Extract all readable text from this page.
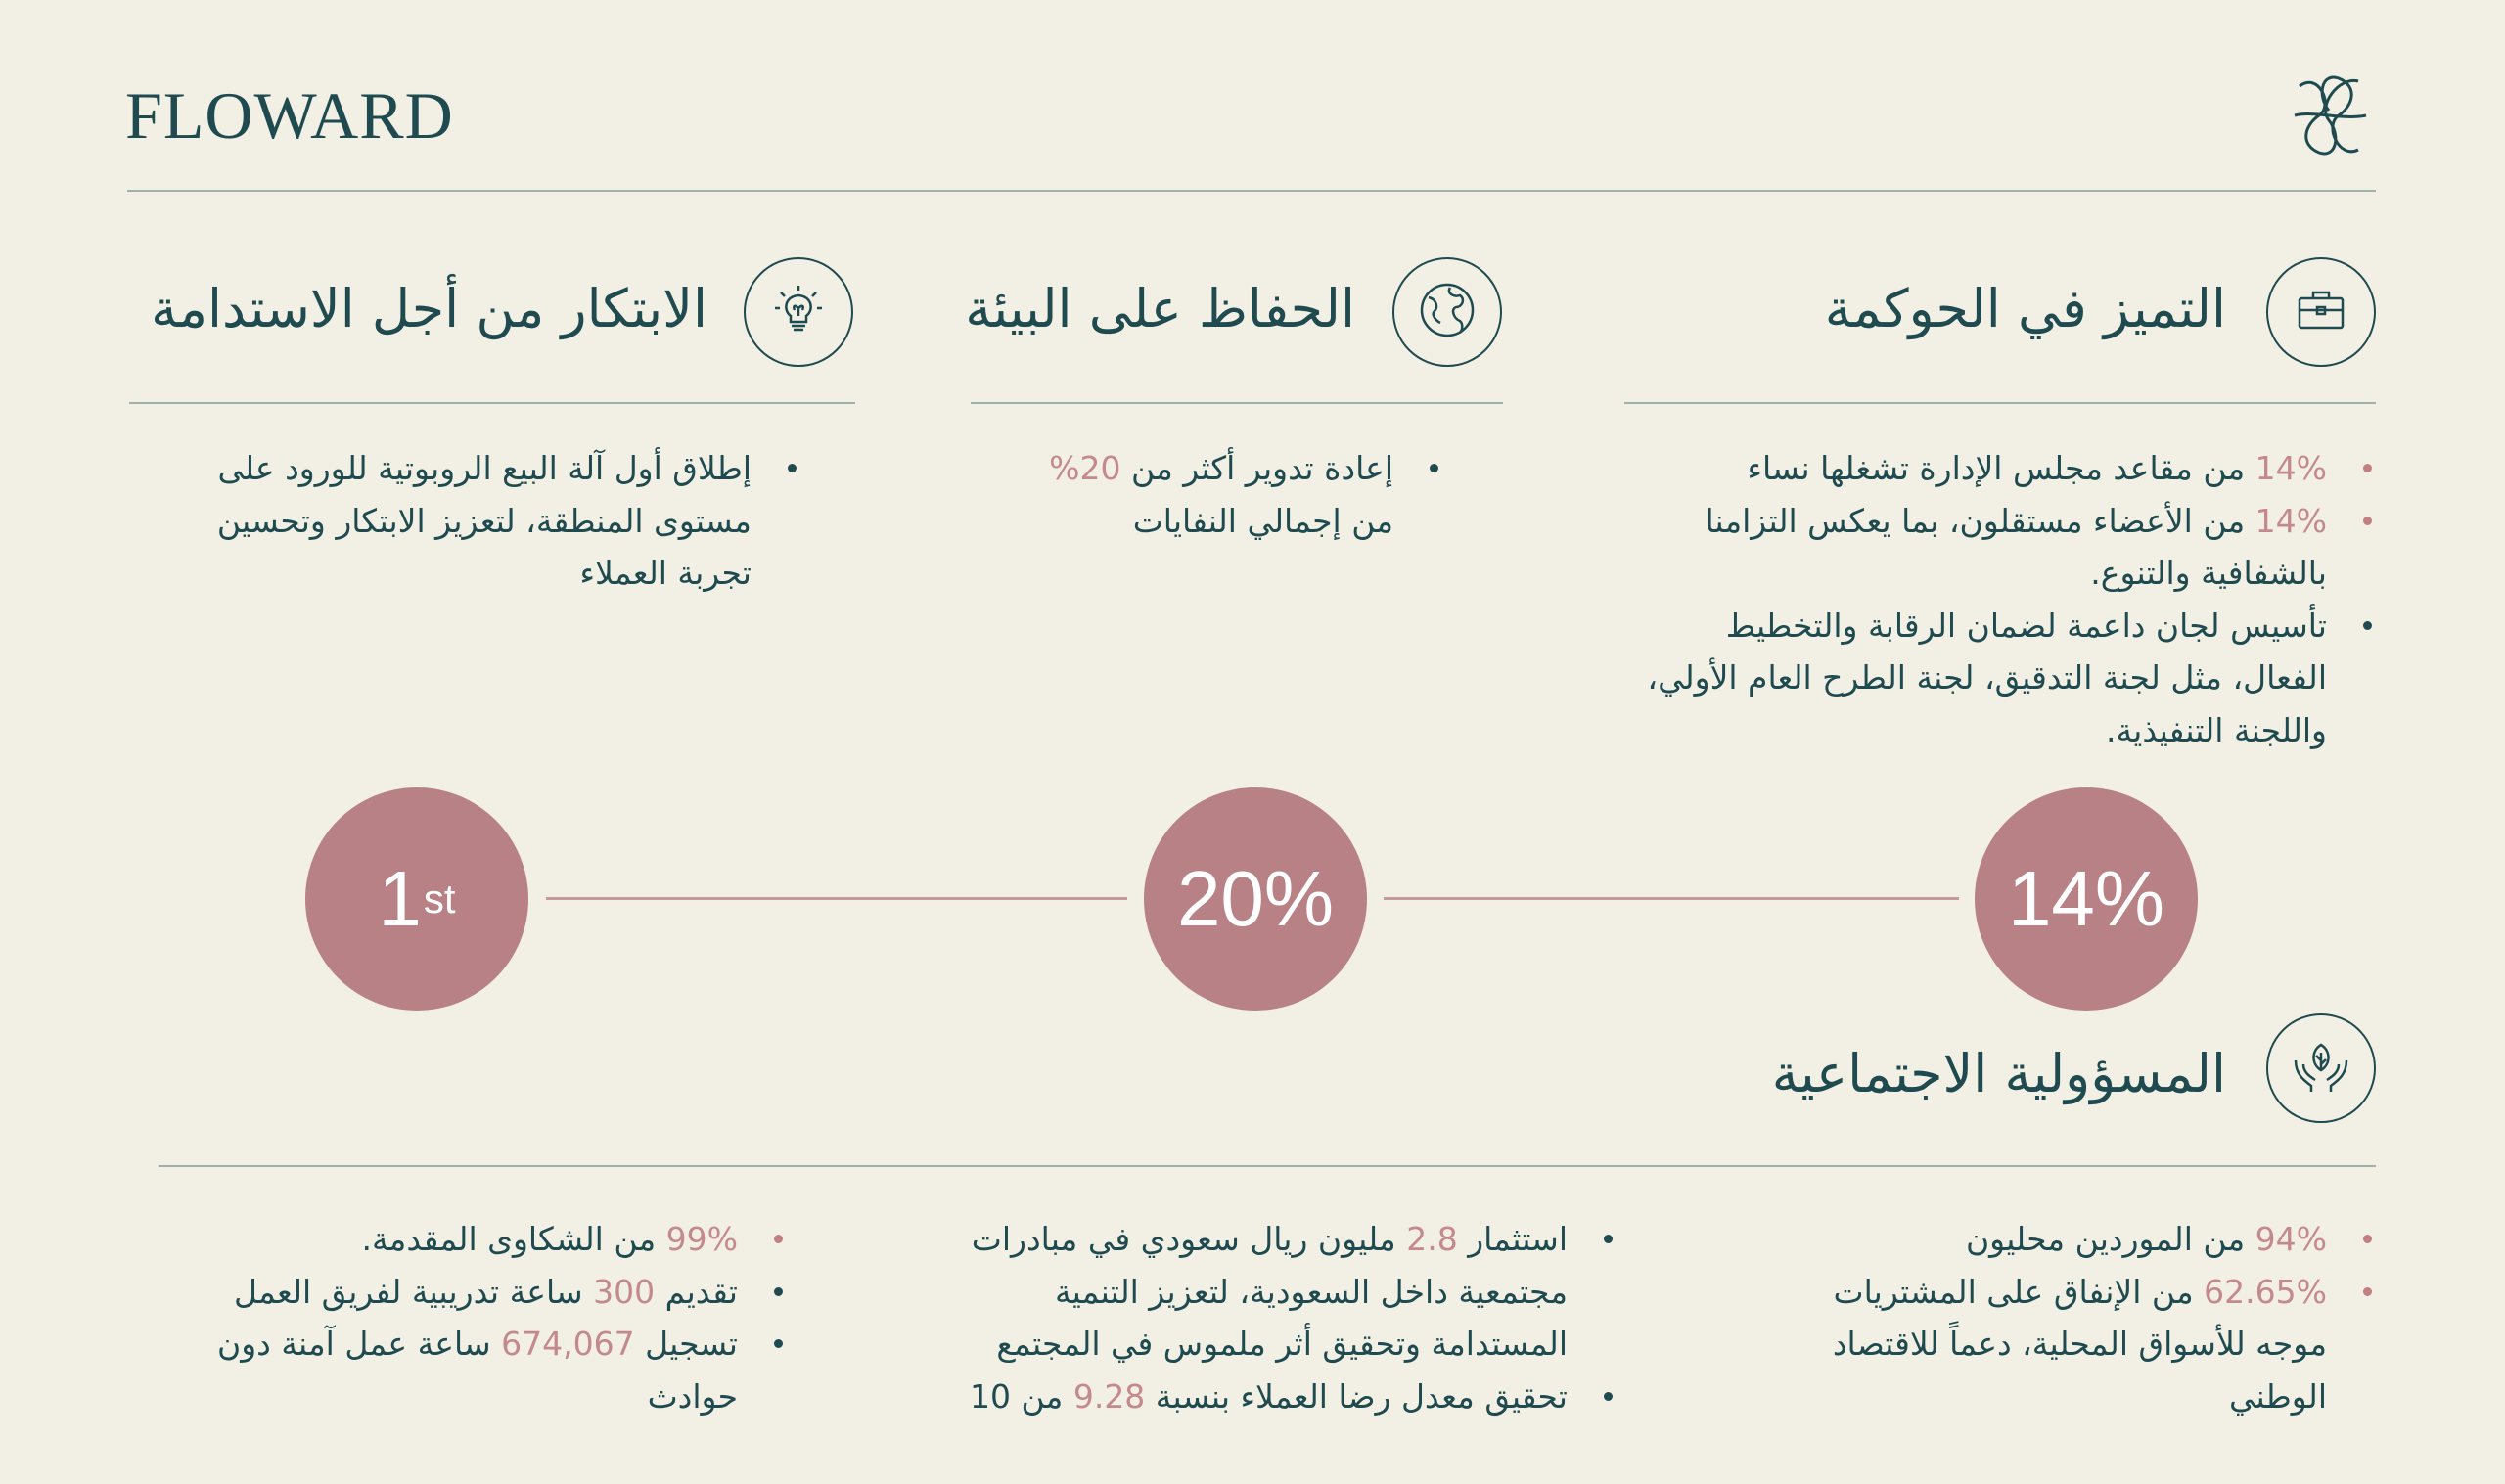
FLOWARD
التميز في الحوكمة
14% من مقاعد مجلس الإدارة تشغلها نساء
14% من الأعضاء مستقلون، بما يعكس التزامنا بالشفافية والتنوع.
تأسيس لجان داعمة لضمان الرقابة والتخطيط الفعال، مثل لجنة التدقيق، لجنة الطرح العام الأولي، واللجنة التنفيذية.
الحفاظ على البيئة
إعادة تدوير أكثر من 20% من إجمالي النفايات
الابتكار من أجل الاستدامة
إطلاق أول آلة البيع الروبوتية للورود على مستوى المنطقة، لتعزيز الابتكار وتحسين تجربة العملاء
1 st	20%	14%
المسؤولية الاجتماعية
94% من الموردين محليون
62.65% من الإنفاق على المشتريات موجه للأسواق المحلية، دعماً للاقتصاد الوطني
استثمار 2.8 مليون ريال سعودي في مبادرات مجتمعية داخل السعودية، لتعزيز التنمية المستدامة وتحقيق أثر ملموس في المجتمع
تحقيق معدل رضا العملاء بنسبة 9.28 من 10
99% من الشكاوى المقدمة.
تقديم 300 ساعة تدريبية لفريق العمل
تسجيل 674,067 ساعة عمل آمنة دون حوادث
